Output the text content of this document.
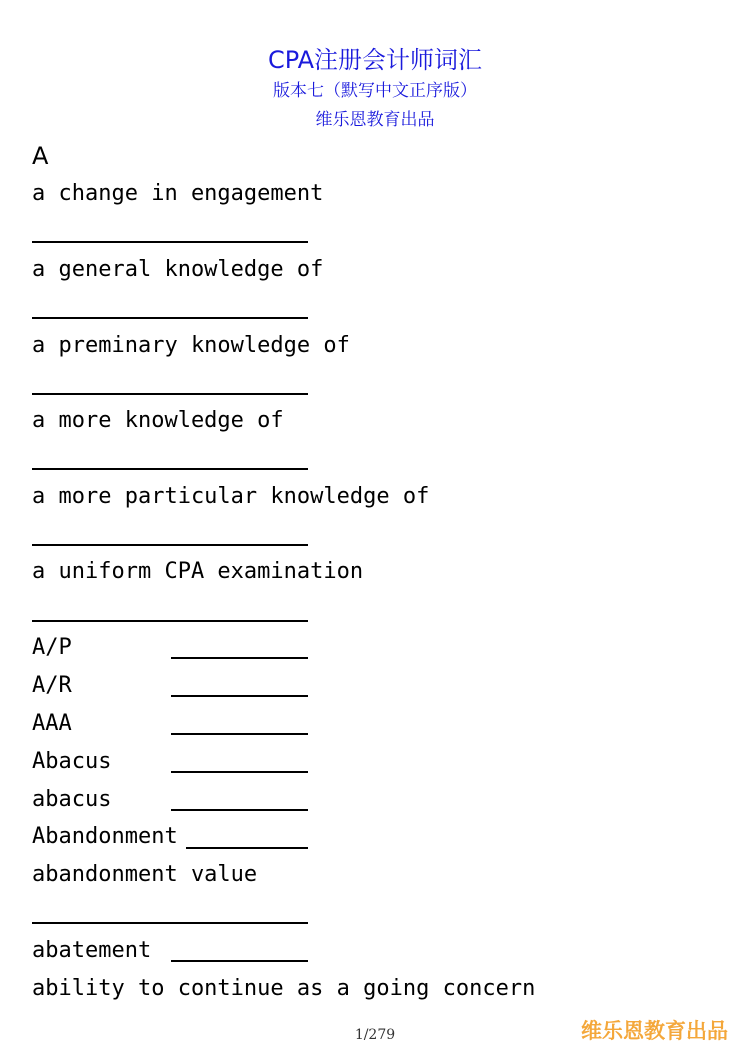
CPA注册会计师词汇
版本七（默写中文正序版）
维乐恩教育出品
A
a change in engagement
a general knowledge of
a preminary knowledge of
a more knowledge of
a more particular knowledge of
a uniform CPA examination
A/P
A/R
AAA
Abacus
abacus
Abandonment
abandonment value
abatement
ability to continue as a going concern
1/279	维乐恩教育出品
